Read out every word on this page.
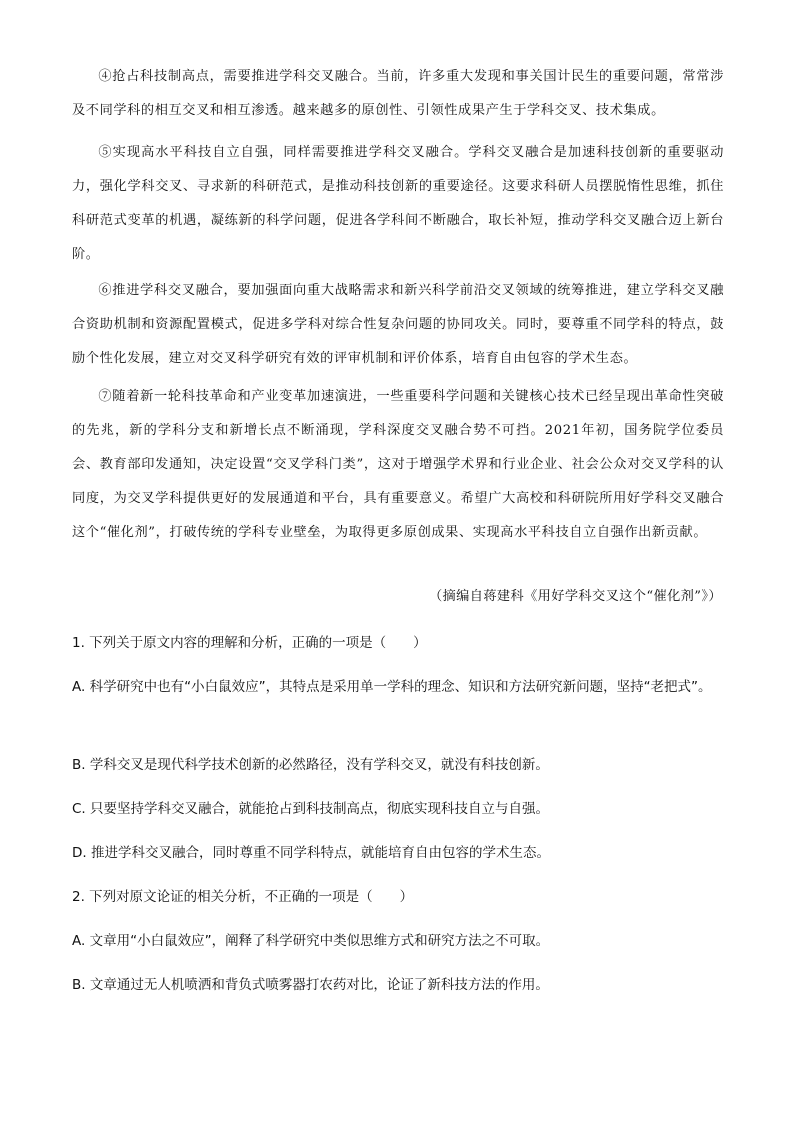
④抢占科技制高点，需要推进学科交叉融合。当前，许多重大发现和事关国计民生的重要问题，常常涉及不同学科的相互交叉和相互渗透。越来越多的原创性、引领性成果产生于学科交叉、技术集成。

⑤实现高水平科技自立自强，同样需要推进学科交叉融合。学科交叉融合是加速科技创新的重要驱动力，强化学科交叉、寻求新的科研范式，是推动科技创新的重要途径。这要求科研人员摆脱惰性思维，抓住科研范式变革的机遇，凝练新的科学问题，促进各学科间不断融合，取长补短，推动学科交叉融合迈上新台阶。

⑥推进学科交叉融合，要加强面向重大战略需求和新兴科学前沿交叉领域的统筹推进，建立学科交叉融合资助机制和资源配置模式，促进多学科对综合性复杂问题的协同攻关。同时，要尊重不同学科的特点，鼓励个性化发展，建立对交叉科学研究有效的评审机制和评价体系，培育自由包容的学术生态。

⑦随着新一轮科技革命和产业变革加速演进，一些重要科学问题和关键核心技术已经呈现出革命性突破的先兆，新的学科分支和新增长点不断涌现，学科深度交叉融合势不可挡。2021年初，国务院学位委员会、教育部印发通知，决定设置“交叉学科门类”，这对于增强学术界和行业企业、社会公众对交叉学科的认同度，为交叉学科提供更好的发展通道和平台，具有重要意义。希望广大高校和科研院所用好学科交叉融合这个“催化剂”，打破传统的学科专业壁垒，为取得更多原创成果、实现高水平科技自立自强作出新贡献。

（摘编自蒋建科《用好学科交叉这个“催化剂”》）

1. 下列关于原文内容的理解和分析，正确的一项是（　　）

A. 科学研究中也有“小白鼠效应”，其特点是采用单一学科的理念、知识和方法研究新问题，坚持“老把式”。

B. 学科交叉是现代科学技术创新的必然路径，没有学科交叉，就没有科技创新。

C. 只要坚持学科交叉融合，就能抢占到科技制高点，彻底实现科技自立与自强。

D. 推进学科交叉融合，同时尊重不同学科特点，就能培育自由包容的学术生态。

2. 下列对原文论证的相关分析，不正确的一项是（　　）

A. 文章用“小白鼠效应”，阐释了科学研究中类似思维方式和研究方法之不可取。

B. 文章通过无人机喷洒和背负式喷雾器打农药对比，论证了新科技方法的作用。
